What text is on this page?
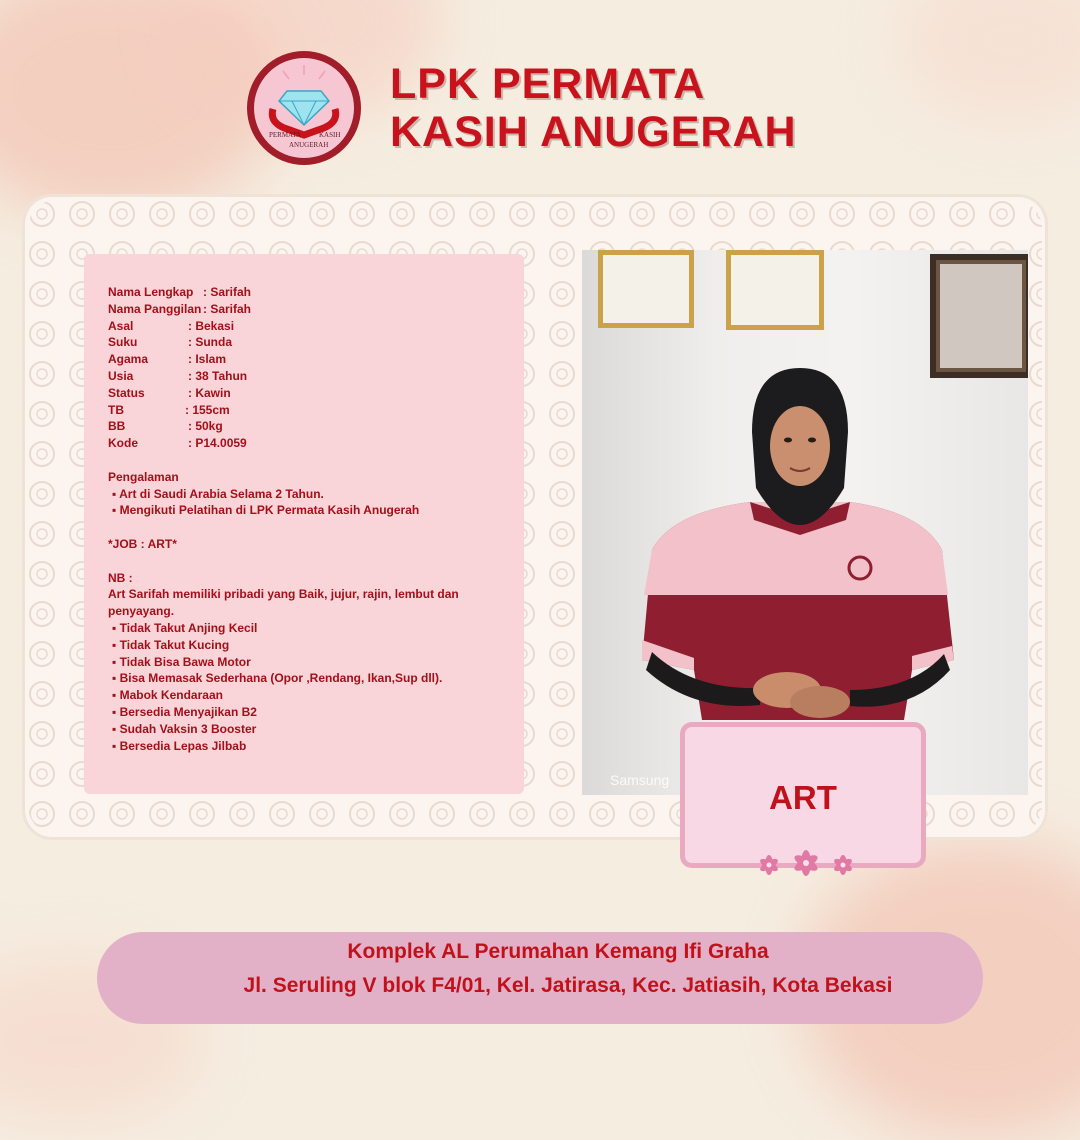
PERMATA	KASIH
ANUGERAH
LPK PERMATA
KASIH ANUGERAH
Nama Lengkap : Sarifah
Nama Panggilan : Sarifah
Asal	: Bekasi
Suku	: Sunda
Agama	: Islam
Usia	: 38 Tahun
Status	: Kawin
TB	: 155cm
BB	: 50kg
Kode	: P14.0059
Pengalaman
▪ Art di Saudi Arabia Selama 2 Tahun.
▪ Mengikuti Pelatihan di LPK Permata Kasih Anugerah
*JOB : ART*
NB :
Art Sarifah memiliki pribadi yang Baik, jujur, rajin, lembut dan
penyayang.
▪ Tidak Takut Anjing Kecil
▪ Tidak Takut Kucing
▪ Tidak Bisa Bawa Motor
▪ Bisa Memasak Sederhana (Opor ,Rendang, Ikan,Sup dll).
▪ Mabok Kendaraan
▪ Bersedia Menyajikan B2
▪ Sudah Vaksin 3 Booster
▪ Bersedia Lepas Jilbab
Samsung	ART
Komplek AL Perumahan Kemang Ifi Graha
Jl. Seruling V blok F4/01, Kel. Jatirasa, Kec. Jatiasih, Kota Bekasi
